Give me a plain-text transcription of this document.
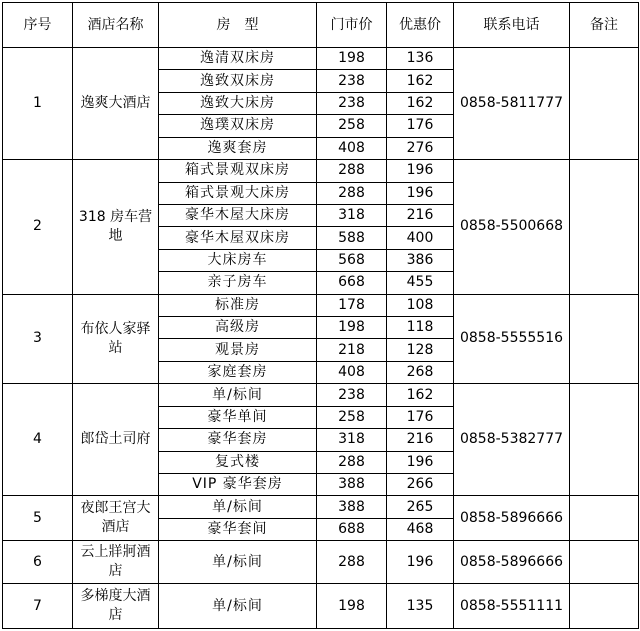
序号	酒店名称	房　型	门市价	优惠价	联系电话	备注
1	逸爽大酒店	逸清双床房	198	136	0858-5811777	
		逸致双床房	238	162		
		逸致大床房	238	162		
		逸璞双床房	258	176		
		逸爽套房	408	276		
2	318 房车营地	箱式景观双床房	288	196	0858-5500668	
		箱式景观大床房	288	196		
		豪华木屋大床房	318	216		
		豪华木屋双床房	588	400		
		大床房车	568	386		
		亲子房车	668	455		
3	布依人家驿站	标准房	178	108	0858-5555516	
		高级房	198	118		
		观景房	218	128		
		家庭套房	408	268		
4	郎岱土司府	单/标间	238	162	0858-5382777	
		豪华单间	258	176		
		豪华套房	318	216		
		复式楼	288	196		
		VIP 豪华套房	388	266		
5	夜郎王宫大酒店	单/标间	388	265	0858-5896666	
		豪华套间	688	468		
6	云上牂牁酒店	单/标间	288	196	0858-5896666	
7	多梯度大酒店	单/标间	198	135	0858-5551111	
